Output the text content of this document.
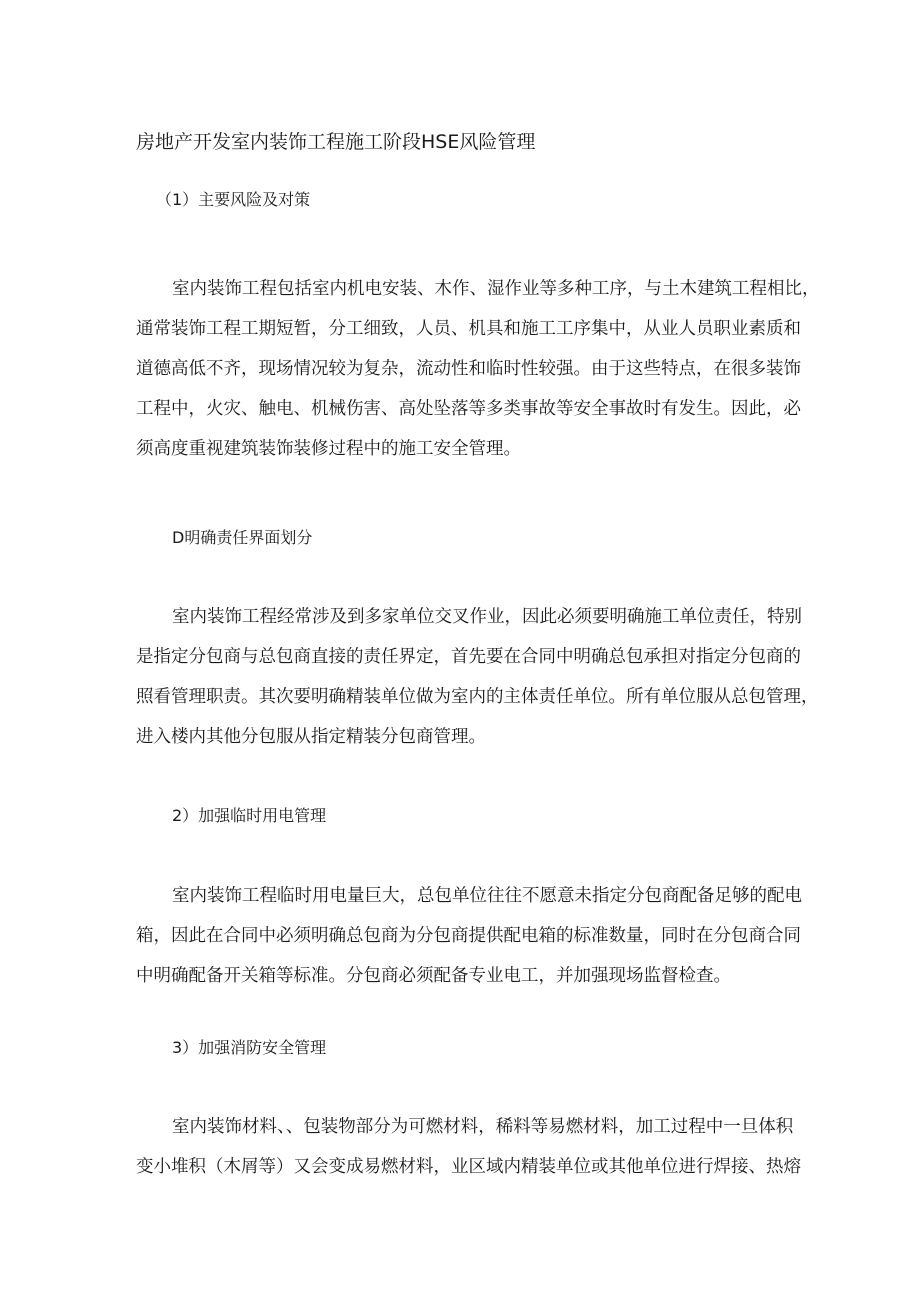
房地产开发室内装饰工程施工阶段HSE风险管理
（1）主要风险及对策
室内装饰工程包括室内机电安装、木作、湿作业等多种工序，与土木建筑工程相比，
通常装饰工程工期短暂，分工细致，人员、机具和施工工序集中，从业人员职业素质和
道德高低不齐，现场情况较为复杂，流动性和临时性较强。由于这些特点，在很多装饰
工程中，火灾、触电、机械伤害、高处坠落等多类事故等安全事故时有发生。因此，必
须高度重视建筑装饰装修过程中的施工安全管理。
D明确责任界面划分
室内装饰工程经常涉及到多家单位交叉作业，因此必须要明确施工单位责任，特别
是指定分包商与总包商直接的责任界定，首先要在合同中明确总包承担对指定分包商的
照看管理职责。其次要明确精装单位做为室内的主体责任单位。所有单位服从总包管理，
进入楼内其他分包服从指定精装分包商管理。
2）加强临时用电管理
室内装饰工程临时用电量巨大，总包单位往往不愿意未指定分包商配备足够的配电
箱，因此在合同中必须明确总包商为分包商提供配电箱的标准数量，同时在分包商合同
中明确配备开关箱等标准。分包商必须配备专业电工，并加强现场监督检查。
3）加强消防安全管理
室内装饰材料、、包装物部分为可燃材料，稀料等易燃材料，加工过程中一旦体积
变小堆积（木屑等）又会变成易燃材料，业区域内精装单位或其他单位进行焊接、热熔
